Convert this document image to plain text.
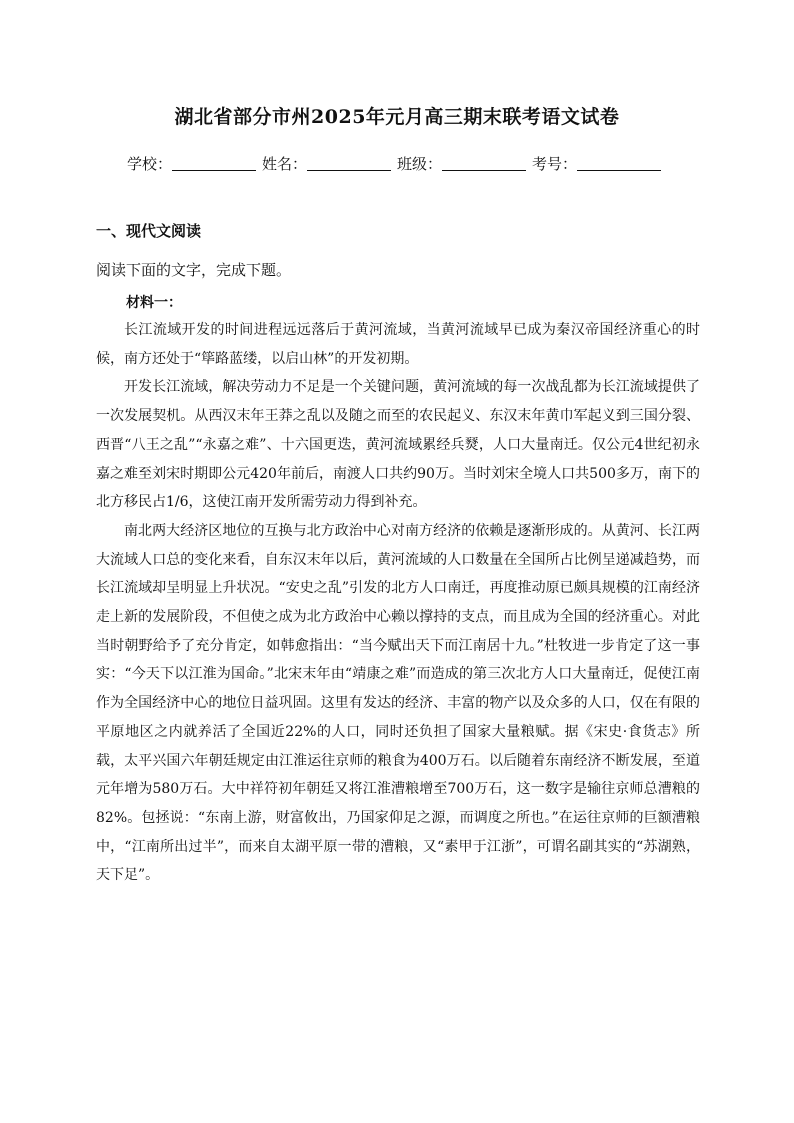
湖北省部分市州2025年元月高三期末联考语文试卷
学校：	姓名：	班级：	考号：
一、现代文阅读
阅读下面的文字，完成下题。
材料一：

长江流域开发的时间进程远远落后于黄河流域，当黄河流域早已成为秦汉帝国经济重心的时候，南方还处于“筚路蓝缕，以启山林”的开发初期。

开发长江流域，解决劳动力不足是一个关键问题，黄河流域的每一次战乱都为长江流域提供了一次发展契机。从西汉末年王莽之乱以及随之而至的农民起义、东汉末年黄巾军起义到三国分裂、西晋“八王之乱”“永嘉之难”、十六国更迭，黄河流域累经兵燹，人口大量南迁。仅公元4世纪初永嘉之难至刘宋时期即公元420年前后，南渡人口共约90万。当时刘宋全境人口共500多万，南下的北方移民占1/6，这使江南开发所需劳动力得到补充。

南北两大经济区地位的互换与北方政治中心对南方经济的依赖是逐渐形成的。从黄河、长江两大流域人口总的变化来看，自东汉末年以后，黄河流域的人口数量在全国所占比例呈递减趋势，而长江流域却呈明显上升状况。“安史之乱”引发的北方人口南迁，再度推动原已颇具规模的江南经济走上新的发展阶段，不但使之成为北方政治中心赖以撑持的支点，而且成为全国的经济重心。对此当时朝野给予了充分肯定，如韩愈指出：“当今赋出天下而江南居十九。”杜牧进一步肯定了这一事实：“今天下以江淮为国命。”北宋末年由“靖康之难”而造成的第三次北方人口大量南迁，促使江南作为全国经济中心的地位日益巩固。这里有发达的经济、丰富的物产以及众多的人口，仅在有限的平原地区之内就养活了全国近22%的人口，同时还负担了国家大量粮赋。据《宋史·食货志》所载，太平兴国六年朝廷规定由江淮运往京师的粮食为400万石。以后随着东南经济不断发展，至道元年增为580万石。大中祥符初年朝廷又将江淮漕粮增至700万石，这一数字是输往京师总漕粮的82%。包拯说：“东南上游，财富攸出，乃国家仰足之源，而调度之所也。”在运往京师的巨额漕粮中，“江南所出过半”，而来自太湖平原一带的漕粮，又“素甲于江浙”，可谓名副其实的“苏湖熟，天下足”。
